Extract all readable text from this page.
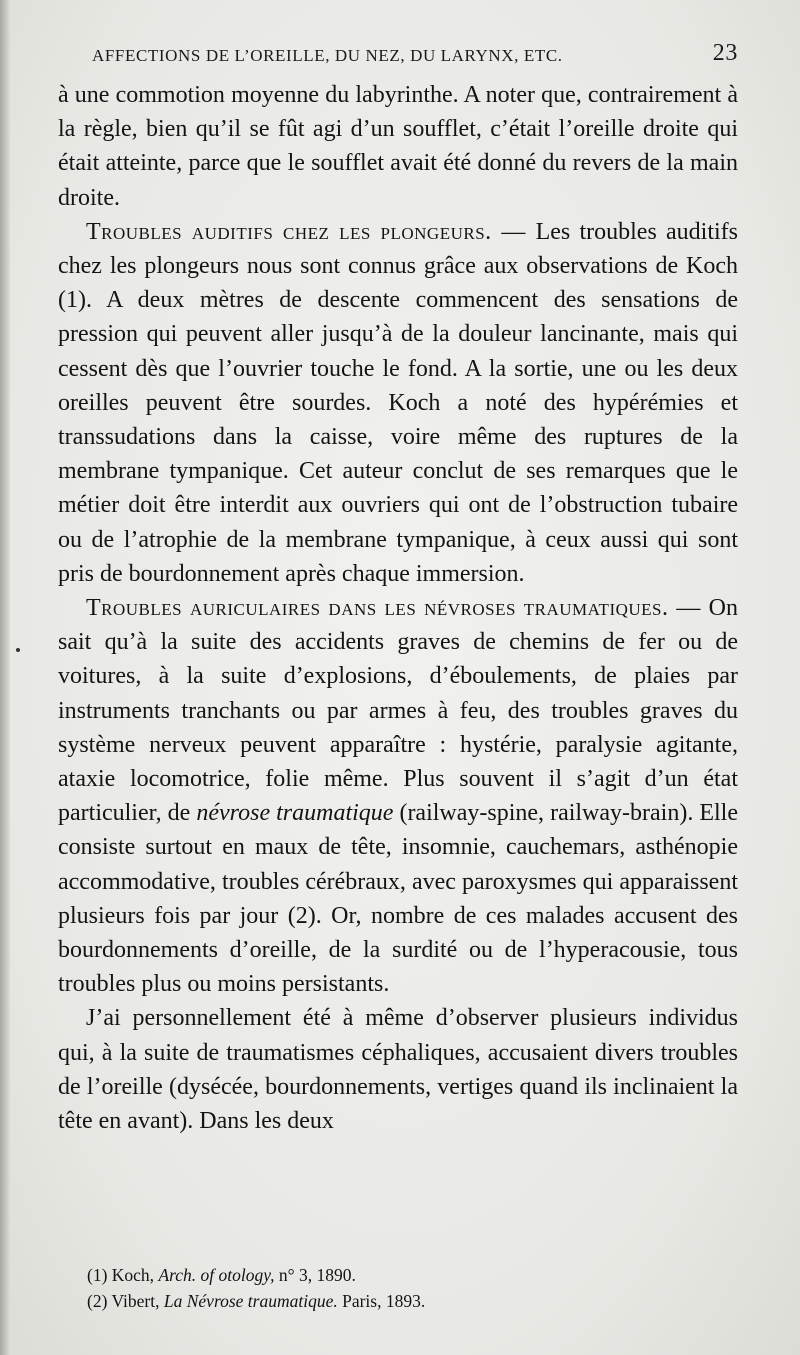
AFFECTIONS DE L’OREILLE, DU NEZ, DU LARYNX, ETC.	23

à une commotion moyenne du labyrinthe. A noter que, contrairement à la règle, bien qu’il se fût agi d’un soufflet, c’était l’oreille droite qui était atteinte, parce que le soufflet avait été donné du revers de la main droite.

Troubles auditifs chez les plongeurs. — Les troubles auditifs chez les plongeurs nous sont connus grâce aux observations de Koch (1). A deux mètres de descente commencent des sensations de pression qui peuvent aller jusqu’à de la douleur lancinante, mais qui cessent dès que l’ouvrier touche le fond. A la sortie, une ou les deux oreilles peuvent être sourdes. Koch a noté des hypérémies et transsudations dans la caisse, voire même des ruptures de la membrane tympanique. Cet auteur conclut de ses remarques que le métier doit être interdit aux ouvriers qui ont de l’obstruction tubaire ou de l’atrophie de la membrane tympanique, à ceux aussi qui sont pris de bourdonnement après chaque immersion.

Troubles auriculaires dans les névroses traumatiques. — On sait qu’à la suite des accidents graves de chemins de fer ou de voitures, à la suite d’explosions, d’éboulements, de plaies par instruments tranchants ou par armes à feu, des troubles graves du système nerveux peuvent apparaître : hystérie, paralysie agitante, ataxie locomotrice, folie même. Plus souvent il s’agit d’un état particulier, de névrose traumatique (railway-spine, railway-brain). Elle consiste surtout en maux de tête, insomnie, cauchemars, asthénopie accommodative, troubles cérébraux, avec paroxysmes qui apparaissent plusieurs fois par jour (2). Or, nombre de ces malades accusent des bourdonnements d’oreille, de la surdité ou de l’hyperacousie, tous troubles plus ou moins persistants.

J’ai personnellement été à même d’observer plusieurs individus qui, à la suite de traumatismes céphaliques, accusaient divers troubles de l’oreille (dysécée, bourdonnements, vertiges quand ils inclinaient la tête en avant). Dans les deux

(1) Koch, Arch. of otology, n° 3, 1890.
(2) Vibert, La Névrose traumatique. Paris, 1893.
